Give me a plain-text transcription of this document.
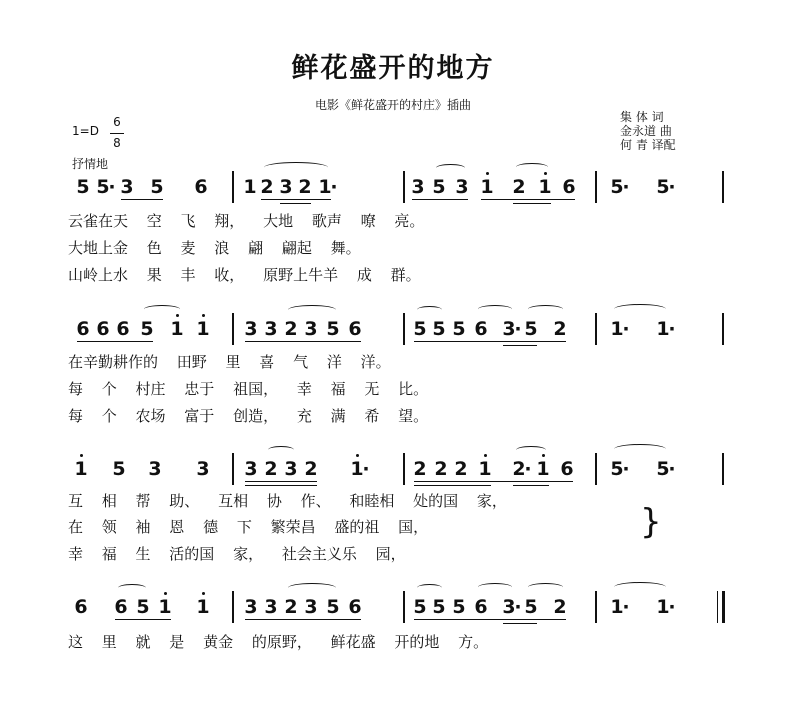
鲜花盛开的地方
电影《鲜花盛开的村庄》插曲
集 体 词
金永道 曲
何 青 译配
1=D
6
8
抒情地
5 5
· 3 5 6 1 2 3 2 1
·	3 5 3 1 2 1 6 5
· 5
·
云雀在天 空 飞 翔， 大地 歌声 嘹 亮。
大地上金 色 麦 浪 翩 翩起 舞。
山岭上水 果 丰 收， 原野上牛羊 成 群。
6 6 6 5 1 1 3 3 2 3 5 6	5 5 5 6 3
· 5 2 1
· 1
·
在辛勤耕作的 田野 里 喜 气 洋 洋。
每 个 村庄 忠于 祖国， 幸 福 无 比。
每 个 农场 富于 创造， 充 满 希 望。
1 5 3 3 3 2 3 2 1
· 2 2 2 1 2
· 1 6 5
· 5
·
互 相 帮 助、 互相 协 作、 和睦相 处的国 家，
在 领 袖 恩 德 下 繁荣昌 盛的祖 国，
幸 福 生 活的国 家， 社会主义乐 园，
6 6 5 1 1 3 3 2 3 5 6	5 5 5 6 3
· 5 2 1
· 1
·
这 里 就 是 黄金 的原野， 鲜花盛 开的地 方。
}
